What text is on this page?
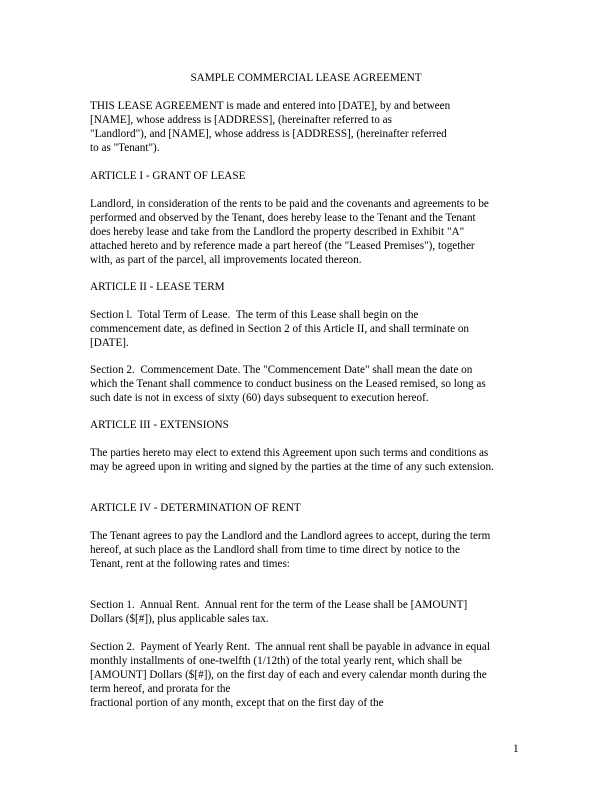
SAMPLE COMMERCIAL LEASE AGREEMENT
THIS LEASE AGREEMENT is made and entered into [DATE], by and between
[NAME], whose address is [ADDRESS], (hereinafter referred to as
"Landlord"), and [NAME], whose address is [ADDRESS], (hereinafter referred
to as "Tenant").
ARTICLE I - GRANT OF LEASE
Landlord, in consideration of the rents to be paid and the covenants and agreements to be
performed and observed by the Tenant, does hereby lease to the Tenant and the Tenant
does hereby lease and take from the Landlord the property described in Exhibit "A"
attached hereto and by reference made a part hereof (the "Leased Premises"), together
with, as part of the parcel, all improvements located thereon.
ARTICLE II - LEASE TERM
Section l.  Total Term of Lease.  The term of this Lease shall begin on the
commencement date, as defined in Section 2 of this Article II, and shall terminate on
[DATE].
Section 2.  Commencement Date. The "Commencement Date" shall mean the date on
which the Tenant shall commence to conduct business on the Leased remised, so long as
such date is not in excess of sixty (60) days subsequent to execution hereof.
ARTICLE III - EXTENSIONS
The parties hereto may elect to extend this Agreement upon such terms and conditions as
may be agreed upon in writing and signed by the parties at the time of any such extension.
ARTICLE IV - DETERMINATION OF RENT
The Tenant agrees to pay the Landlord and the Landlord agrees to accept, during the term
hereof, at such place as the Landlord shall from time to time direct by notice to the
Tenant, rent at the following rates and times:
Section 1.  Annual Rent.  Annual rent for the term of the Lease shall be [AMOUNT]
Dollars ($[#]), plus applicable sales tax.
Section 2.  Payment of Yearly Rent.  The annual rent shall be payable in advance in equal
monthly installments of one-twelfth (1/12th) of the total yearly rent, which shall be
[AMOUNT] Dollars ($[#]), on the first day of each and every calendar month during the
term hereof, and prorata for the
fractional portion of any month, except that on the first day of the
1
